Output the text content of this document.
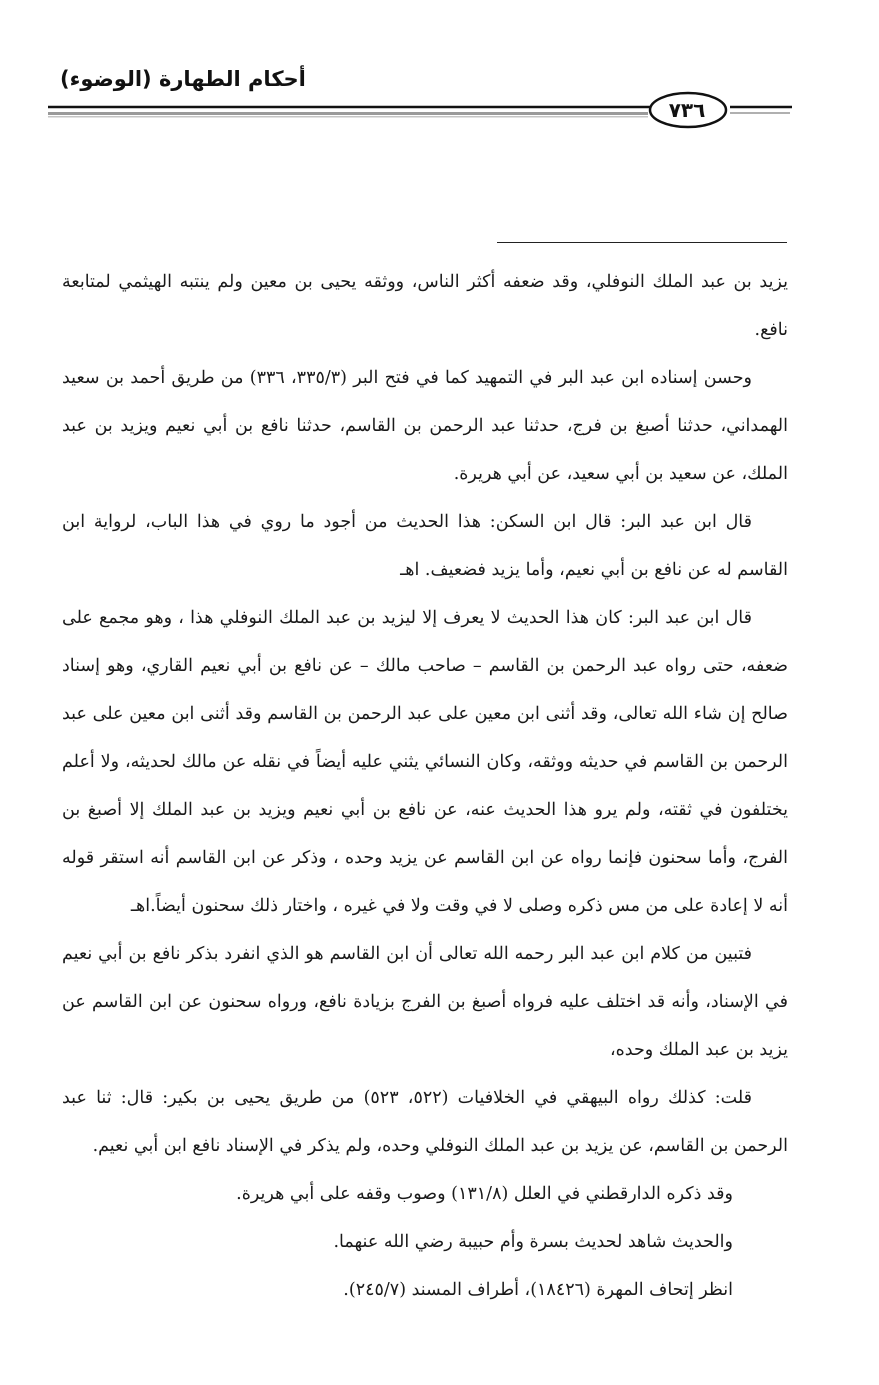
أحكام الطهارة (الوضوء)
٧٣٦

يزيد بن عبد الملك النوفلي، وقد ضعفه أكثر الناس، ووثقه يحيى بن معين ولم ينتبه الهيثمي لمتابعة نافع.

وحسن إسناده ابن عبد البر في التمهيد كما في فتح البر (٣٣٥/٣، ٣٣٦) من طريق أحمد بن سعيد الهمداني، حدثنا أصبغ بن فرج، حدثنا عبد الرحمن بن القاسم، حدثنا نافع بن أبي نعيم ويزيد بن عبد الملك، عن سعيد بن أبي سعيد، عن أبي هريرة.

قال ابن عبد البر: قال ابن السكن: هذا الحديث من أجود ما روي في هذا الباب، لرواية ابن القاسم له عن نافع بن أبي نعيم، وأما يزيد فضعيف. اهـ

قال ابن عبد البر: كان هذا الحديث لا يعرف إلا ليزيد بن عبد الملك النوفلي هذا ، وهو مجمع على ضعفه، حتى رواه عبد الرحمن بن القاسم – صاحب مالك – عن نافع بن أبي نعيم القاري، وهو إسناد صالح إن شاء الله تعالى، وقد أثنى ابن معين على عبد الرحمن بن القاسم وقد أثنى ابن معين على عبد الرحمن بن القاسم في حديثه ووثقه، وكان النسائي يثني عليه أيضاً في نقله عن مالك لحديثه، ولا أعلم يختلفون في ثقته، ولم يرو هذا الحديث عنه، عن نافع بن أبي نعيم ويزيد بن عبد الملك إلا أصبغ بن الفرج، وأما سحنون فإنما رواه عن ابن القاسم عن يزيد وحده ، وذكر عن ابن القاسم أنه استقر قوله أنه لا إعادة على من مس ذكره وصلى لا في وقت ولا في غيره ، واختار ذلك سحنون أيضاً.اهـ

فتبين من كلام ابن عبد البر رحمه الله تعالى أن ابن القاسم هو الذي انفرد بذكر نافع بن أبي نعيم في الإسناد، وأنه قد اختلف عليه فرواه أصبغ بن الفرج بزيادة نافع، ورواه سحنون عن ابن القاسم عن يزيد بن عبد الملك وحده،

قلت: كذلك رواه البيهقي في الخلافيات (٥٢٢، ٥٢٣) من طريق يحيى بن بكير: قال: ثنا عبد الرحمن بن القاسم، عن يزيد بن عبد الملك النوفلي وحده، ولم يذكر في الإسناد نافع ابن أبي نعيم.

وقد ذكره الدارقطني في العلل (١٣١/٨) وصوب وقفه على أبي هريرة.

والحديث شاهد لحديث بسرة وأم حبيبة رضي الله عنهما.

انظر إتحاف المهرة (١٨٤٢٦)، أطراف المسند (٢٤٥/٧).
